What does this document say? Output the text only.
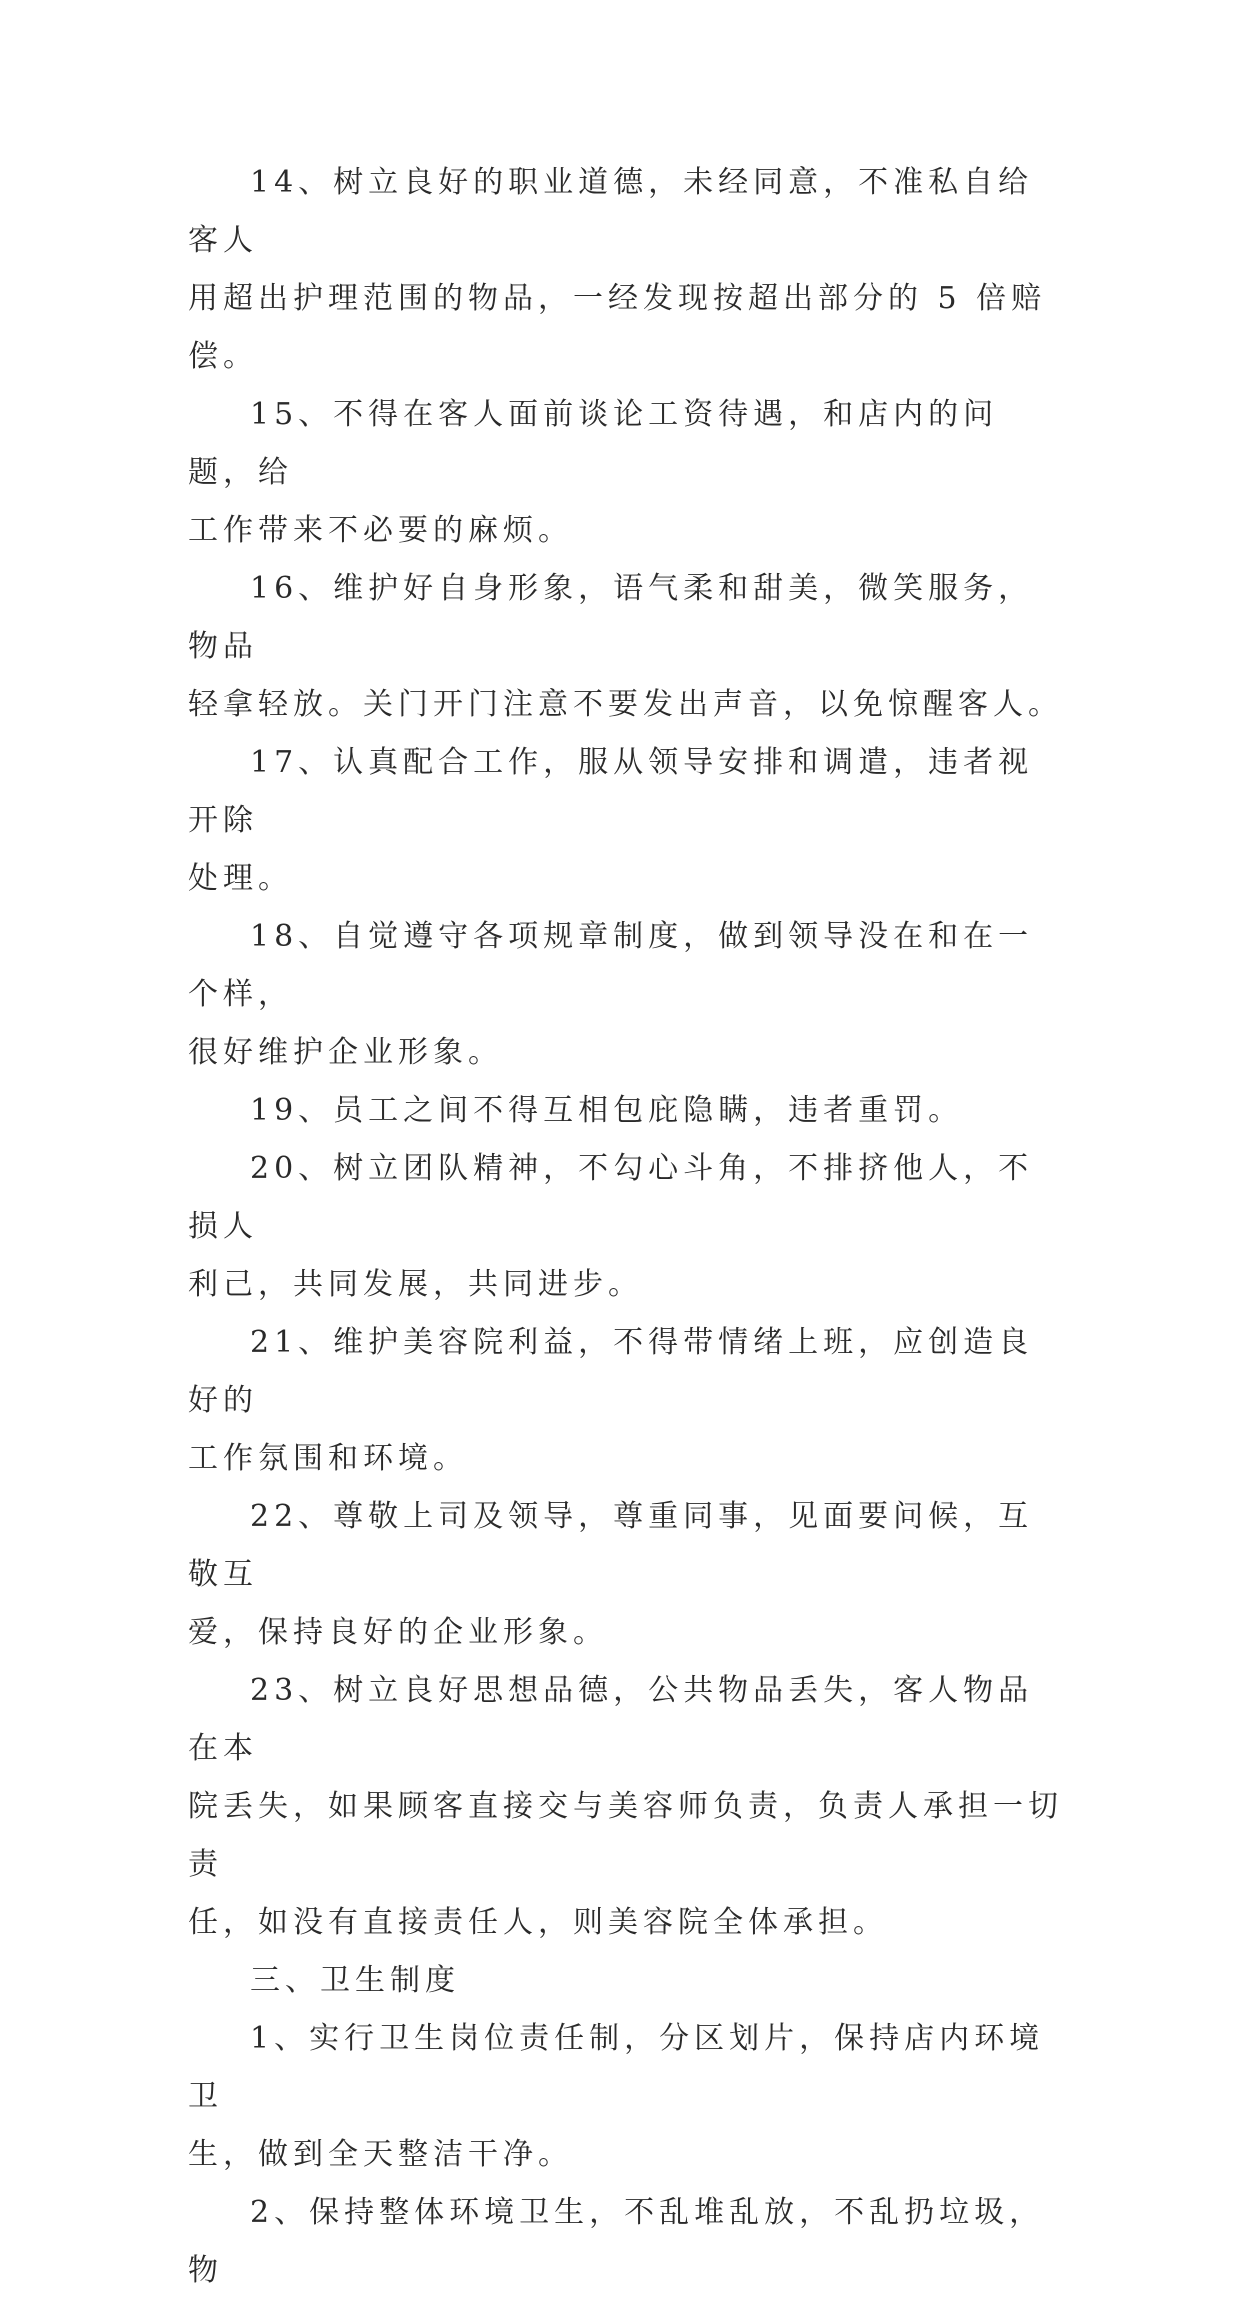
14、树立良好的职业道德，未经同意，不准私自给客人
用超出护理范围的物品，一经发现按超出部分的 5 倍赔偿。

15、不得在客人面前谈论工资待遇，和店内的问题，给
工作带来不必要的麻烦。

16、维护好自身形象，语气柔和甜美，微笑服务，物品
轻拿轻放。关门开门注意不要发出声音，以免惊醒客人。

17、认真配合工作，服从领导安排和调遣，违者视开除
处理。

18、自觉遵守各项规章制度，做到领导没在和在一个样，
很好维护企业形象。

19、员工之间不得互相包庇隐瞒，违者重罚。

20、树立团队精神，不勾心斗角，不排挤他人，不损人
利己，共同发展，共同进步。

21、维护美容院利益，不得带情绪上班，应创造良好的
工作氛围和环境。

22、尊敬上司及领导，尊重同事，见面要问候，互敬互
爱，保持良好的企业形象。

23、树立良好思想品德，公共物品丢失，客人物品在本
院丢失，如果顾客直接交与美容师负责，负责人承担一切责
任，如没有直接责任人，则美容院全体承担。

三、卫生制度

1、实行卫生岗位责任制，分区划片，保持店内环境卫
生，做到全天整洁干净。

2、保持整体环境卫生，不乱堆乱放，不乱扔垃圾，物
